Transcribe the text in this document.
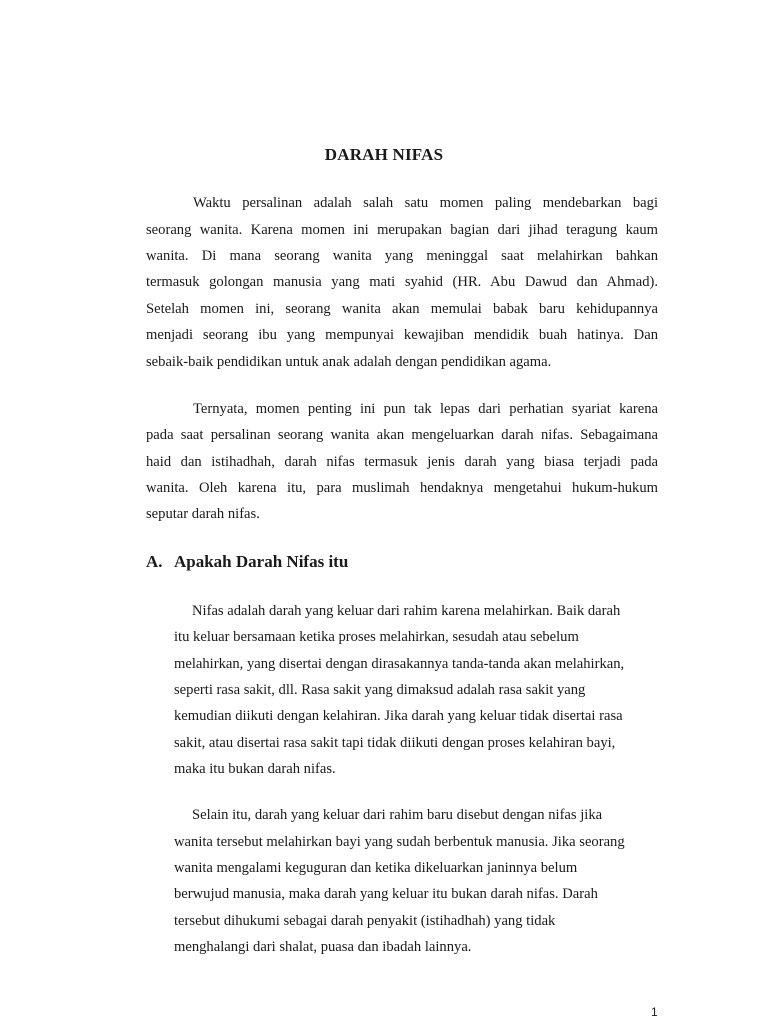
DARAH NIFAS
Waktu persalinan adalah salah satu momen paling mendebarkan bagi
seorang wanita. Karena momen ini merupakan bagian dari jihad teragung kaum
wanita. Di mana seorang wanita yang meninggal saat melahirkan bahkan
termasuk golongan manusia yang mati syahid (HR. Abu Dawud dan Ahmad).
Setelah momen ini, seorang wanita akan memulai babak baru kehidupannya
menjadi seorang ibu yang mempunyai kewajiban mendidik buah hatinya. Dan
sebaik-baik pendidikan untuk anak adalah dengan pendidikan agama.
Ternyata, momen penting ini pun tak lepas dari perhatian syariat karena
pada saat persalinan seorang wanita akan mengeluarkan darah nifas. Sebagaimana
haid dan istihadhah, darah nifas termasuk jenis darah yang biasa terjadi pada
wanita. Oleh karena itu, para muslimah hendaknya mengetahui hukum-hukum
seputar darah nifas.
A. Apakah Darah Nifas itu
Nifas adalah darah yang keluar dari rahim karena melahirkan. Baik darah
itu keluar bersamaan ketika proses melahirkan, sesudah atau sebelum
melahirkan, yang disertai dengan dirasakannya tanda-tanda akan melahirkan,
seperti rasa sakit, dll. Rasa sakit yang dimaksud adalah rasa sakit yang
kemudian diikuti dengan kelahiran. Jika darah yang keluar tidak disertai rasa
sakit, atau disertai rasa sakit tapi tidak diikuti dengan proses kelahiran bayi,
maka itu bukan darah nifas.
Selain itu, darah yang keluar dari rahim baru disebut dengan nifas jika
wanita tersebut melahirkan bayi yang sudah berbentuk manusia. Jika seorang
wanita mengalami keguguran dan ketika dikeluarkan janinnya belum
berwujud manusia, maka darah yang keluar itu bukan darah nifas. Darah
tersebut dihukumi sebagai darah penyakit (istihadhah) yang tidak
menghalangi dari shalat, puasa dan ibadah lainnya.
1
